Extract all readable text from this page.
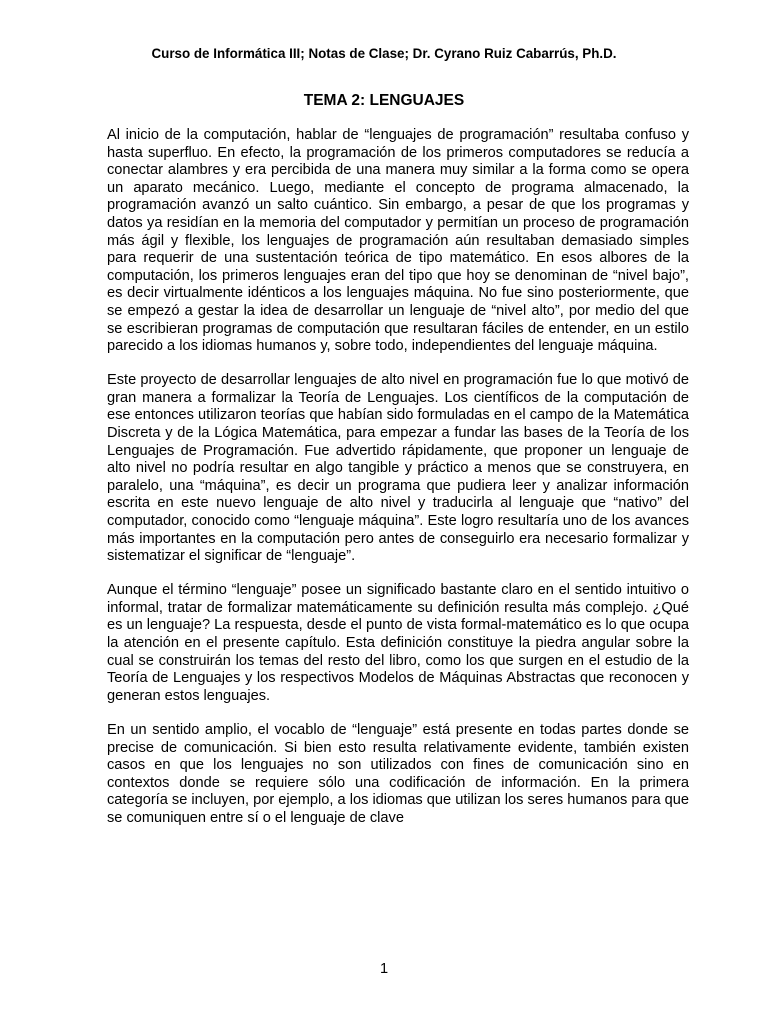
Curso de Informática III; Notas de Clase; Dr. Cyrano Ruiz Cabarrús, Ph.D.
TEMA 2: LENGUAJES

Al inicio de la computación, hablar de “lenguajes de programación” resultaba confuso y hasta superfluo. En efecto, la programación de los primeros computadores se reducía a conectar alambres y era percibida de una manera muy similar a la forma como se opera un aparato mecánico. Luego, mediante el concepto de programa almacenado, la programación avanzó un salto cuántico. Sin embargo, a pesar de que los programas y datos ya residían en la memoria del computador y permitían un proceso de programación más ágil y flexible, los lenguajes de programación aún resultaban demasiado simples para requerir de una sustentación teórica de tipo matemático. En esos albores de la computación, los primeros lenguajes eran del tipo que hoy se denominan de “nivel bajo”, es decir virtualmente idénticos a los lenguajes máquina. No fue sino posteriormente, que se empezó a gestar la idea de desarrollar un lenguaje de “nivel alto”, por medio del que se escribieran programas de computación que resultaran fáciles de entender, en un estilo parecido a los idiomas humanos y, sobre todo, independientes del lenguaje máquina.

Este proyecto de desarrollar lenguajes de alto nivel en programación fue lo que motivó de gran manera a formalizar la Teoría de Lenguajes. Los científicos de la computación de ese entonces utilizaron teorías que habían sido formuladas en el campo de la Matemática Discreta y de la Lógica Matemática, para empezar a fundar las bases de la Teoría de los Lenguajes de Programación. Fue advertido rápidamente, que proponer un lenguaje de alto nivel no podría resultar en algo tangible y práctico a menos que se construyera, en paralelo, una “máquina”, es decir un programa que pudiera leer y analizar información escrita en este nuevo lenguaje de alto nivel y traducirla al lenguaje que “nativo” del computador, conocido como “lenguaje máquina”. Este logro resultaría uno de los avances más importantes en la computación pero antes de conseguirlo era necesario formalizar y sistematizar el significar de “lenguaje”.

Aunque el término “lenguaje” posee un significado bastante claro en el sentido intuitivo o informal, tratar de formalizar matemáticamente su definición resulta más complejo. ¿Qué es un lenguaje? La respuesta, desde el punto de vista formal-matemático es lo que ocupa la atención en el presente capítulo. Esta definición constituye la piedra angular sobre la cual se construirán los temas del resto del libro, como los que surgen en el estudio de la Teoría de Lenguajes y los respectivos Modelos de Máquinas Abstractas que reconocen y generan estos lenguajes.

En un sentido amplio, el vocablo de “lenguaje” está presente en todas partes donde se precise de comunicación. Si bien esto resulta relativamente evidente, también existen casos en que los lenguajes no son utilizados con fines de comunicación sino en contextos donde se requiere sólo una codificación de información. En la primera categoría se incluyen, por ejemplo, a los idiomas que utilizan los seres humanos para que se comuniquen entre sí o el lenguaje de clave

1
